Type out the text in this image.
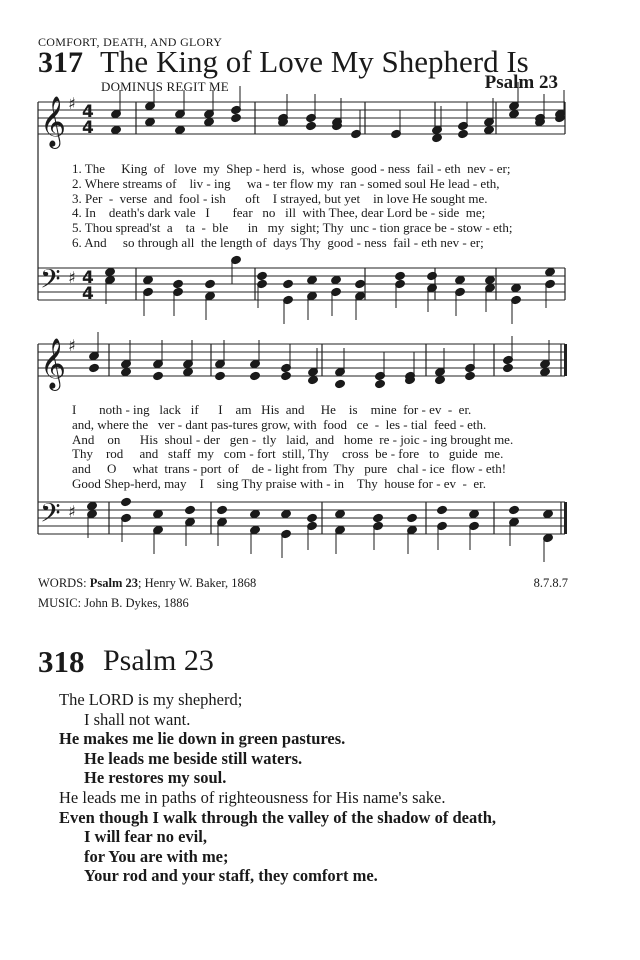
COMFORT, DEATH, AND GLORY
317 The King of Love My Shepherd Is
DOMINUS REGIT ME	Psalm 23
𝄞 ♯
𝄢 ♯
𝄞 ♯
𝄢 ♯
4
4
4
4
1. The     King  of   love  my  Shep - herd  is,  whose  good - ness  fail - eth  nev - er;
2. Where streams of    liv - ing     wa - ter flow my  ran - somed soul He lead - eth,
3. Per  -  verse  and  fool - ish      oft    I strayed, but yet    in love He sought me.
4. In    death's dark vale   I       fear   no   ill  with Thee, dear Lord be - side  me;
5. Thou spread'st  a    ta  -  ble      in   my  sight; Thy  unc - tion grace be - stow - eth;
6. And     so through all  the length of  days Thy  good - ness  fail - eth nev - er;
I       noth - ing   lack   if      I    am   His  and     He    is    mine  for - ev  -  er.
and, where the   ver - dant pas-tures grow, with  food   ce  -  les - tial  feed - eth.
And    on      His  shoul - der   gen -  tly   laid,  and   home  re - joic - ing brought me.
Thy    rod     and   staff  my   com - fort  still, Thy    cross  be - fore   to   guide  me.
and     O     what  trans - port  of    de - light from  Thy   pure   chal - ice  flow - eth!
Good Shep-herd, may    I    sing Thy praise with - in    Thy  house for - ev  -  er.
WORDS: Psalm 23; Henry W. Baker, 1868
MUSIC: John B. Dykes, 1886
8.7.8.7
318 Psalm 23
The LORD is my shepherd;
I shall not want.
He makes me lie down in green pastures.
He leads me beside still waters.
He restores my soul.
He leads me in paths of righteousness for His name's sake.
Even though I walk through the valley of the shadow of death,
I will fear no evil,
for You are with me;
Your rod and your staff, they comfort me.
